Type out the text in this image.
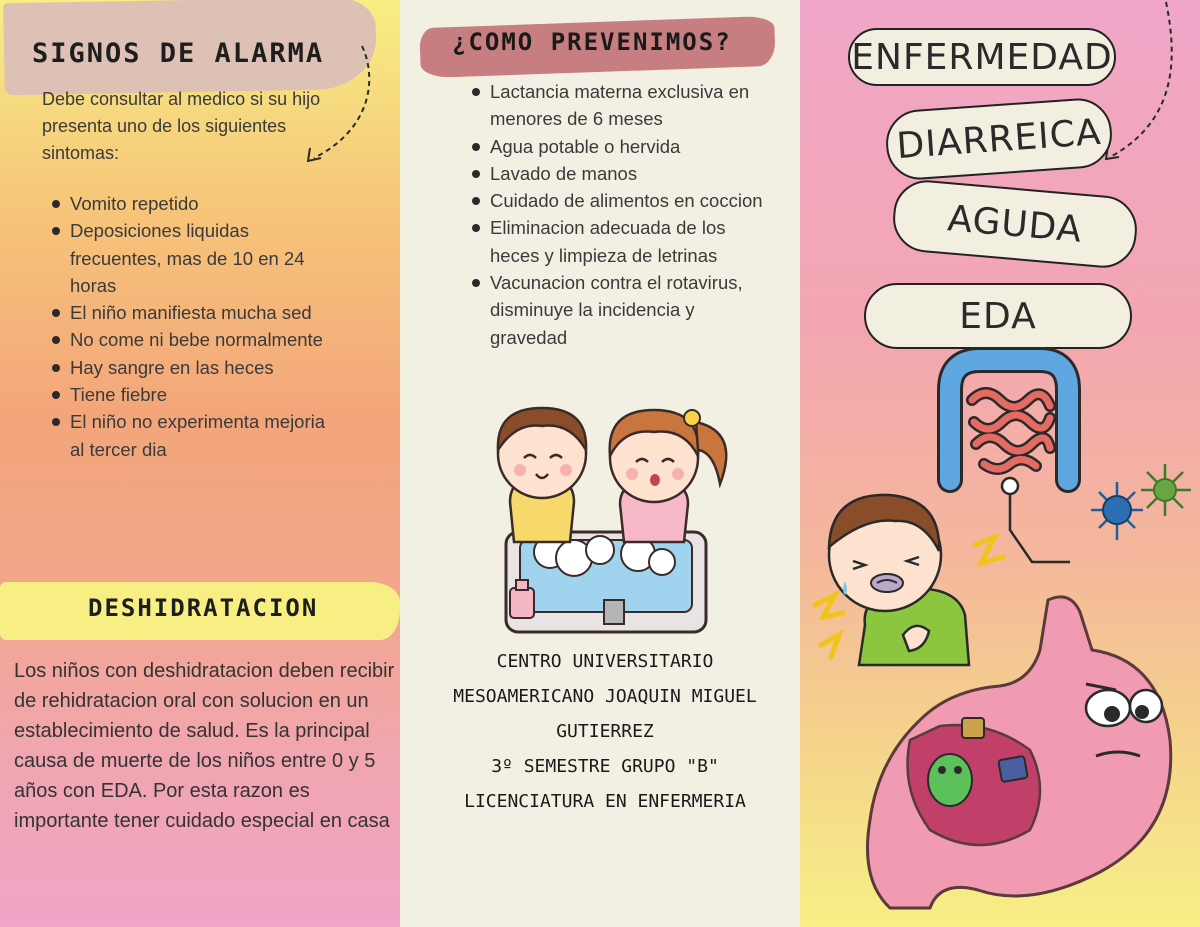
SIGNOS DE ALARMA
Debe consultar al medico si su hijo presenta uno de los siguientes sintomas:
Vomito repetido
Deposiciones liquidas frecuentes, mas de 10 en 24 horas
El niño manifiesta mucha sed
No come ni bebe normalmente
Hay sangre en las heces
Tiene fiebre
El niño no experimenta mejoria al tercer dia
DESHIDRATACION
Los niños con deshidratacion deben recibir de rehidratacion oral con solucion en un establecimiento de salud. Es la principal causa de muerte de los niños entre 0 y 5 años con EDA. Por esta razon es importante tener cuidado especial en casa
¿COMO PREVENIMOS?
Lactancia materna exclusiva en menores de 6 meses
Agua potable o hervida
Lavado de manos
Cuidado de alimentos en coccion
Eliminacion adecuada de los heces y limpieza de letrinas
Vacunacion contra el rotavirus, disminuye la incidencia y gravedad
CENTRO UNIVERSITARIO
MESOAMERICANO JOAQUIN MIGUEL
GUTIERREZ
3º SEMESTRE GRUPO "B"
LICENCIATURA EN ENFERMERIA
ENFERMEDAD
DIARREICA
AGUDA
EDA
